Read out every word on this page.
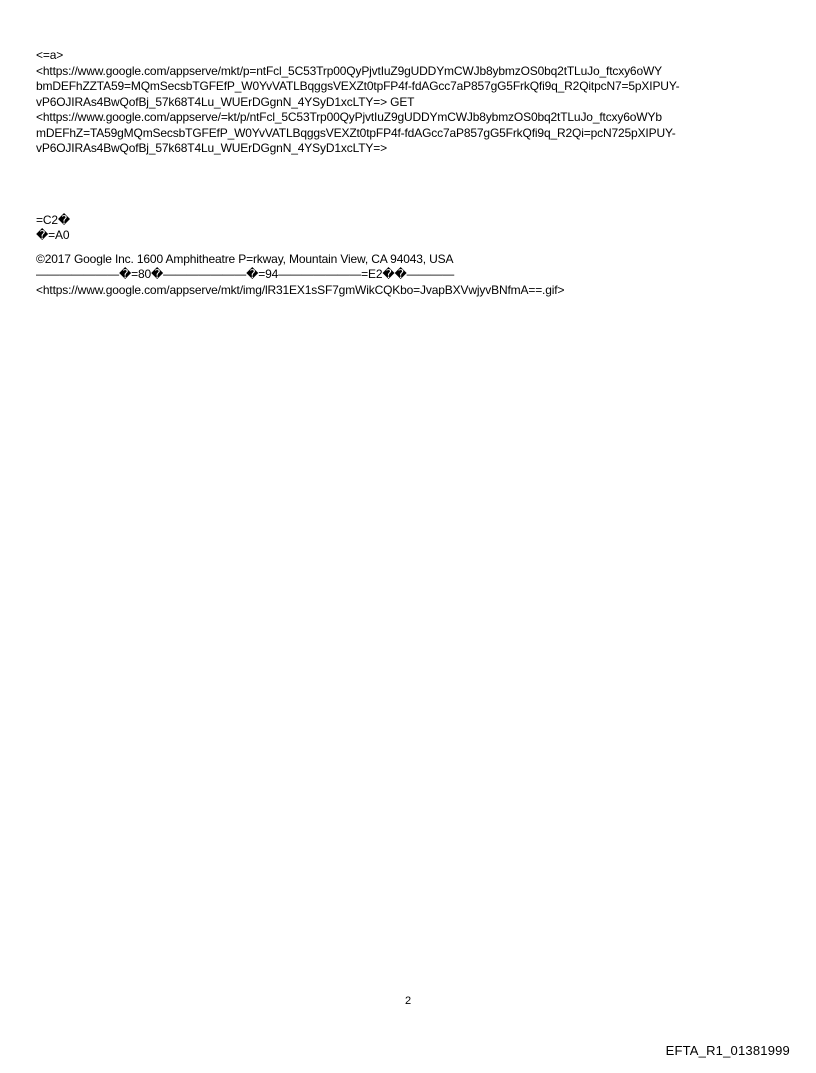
<=a>
<https://www.google.com/appserve/mkt/p=ntFcl_5C53Trp00QyPjvtIuZ9gUDDYmCWJb8ybmzOS0bq2tTLuJo_ftcxy6oWY
bmDEFhZZTA59=MQmSecsbTGFEfP_W0YvVATLBqggsVEXZt0tpFP4f-fdAGcc7aP857gG5FrkQfi9q_R2QitpcN7=5pXIPUY-
vP6OJIRAs4BwQofBj_57k68T4Lu_WUErDGgnN_4YSyD1xcLTY=> GET
<https://www.google.com/appserve/=kt/p/ntFcl_5C53Trp00QyPjvtIuZ9gUDDYmCWJb8ybmzOS0bq2tTLuJo_ftcxy6oWYb
mDEFhZ=TA59gMQmSecsbTGFEfP_W0YvVATLBqggsVEXZt0tpFP4f-fdAGcc7aP857gG5FrkQfi9q_R2Qi=pcN725pXIPUY-
vP6OJIRAs4BwQofBj_57k68T4Lu_WUErDGgnN_4YSyD1xcLTY=>
=C2�
�=A0
©2017 Google Inc. 1600 Amphitheatre P=rkway, Mountain View, CA 94043, USA
———————�=80�———————�=94———————=E2��————
<https://www.google.com/appserve/mkt/img/lR31EX1sSF7gmWikCQKbo=JvapBXVwjyvBNfmA==.gif>
2
EFTA_R1_01381999
